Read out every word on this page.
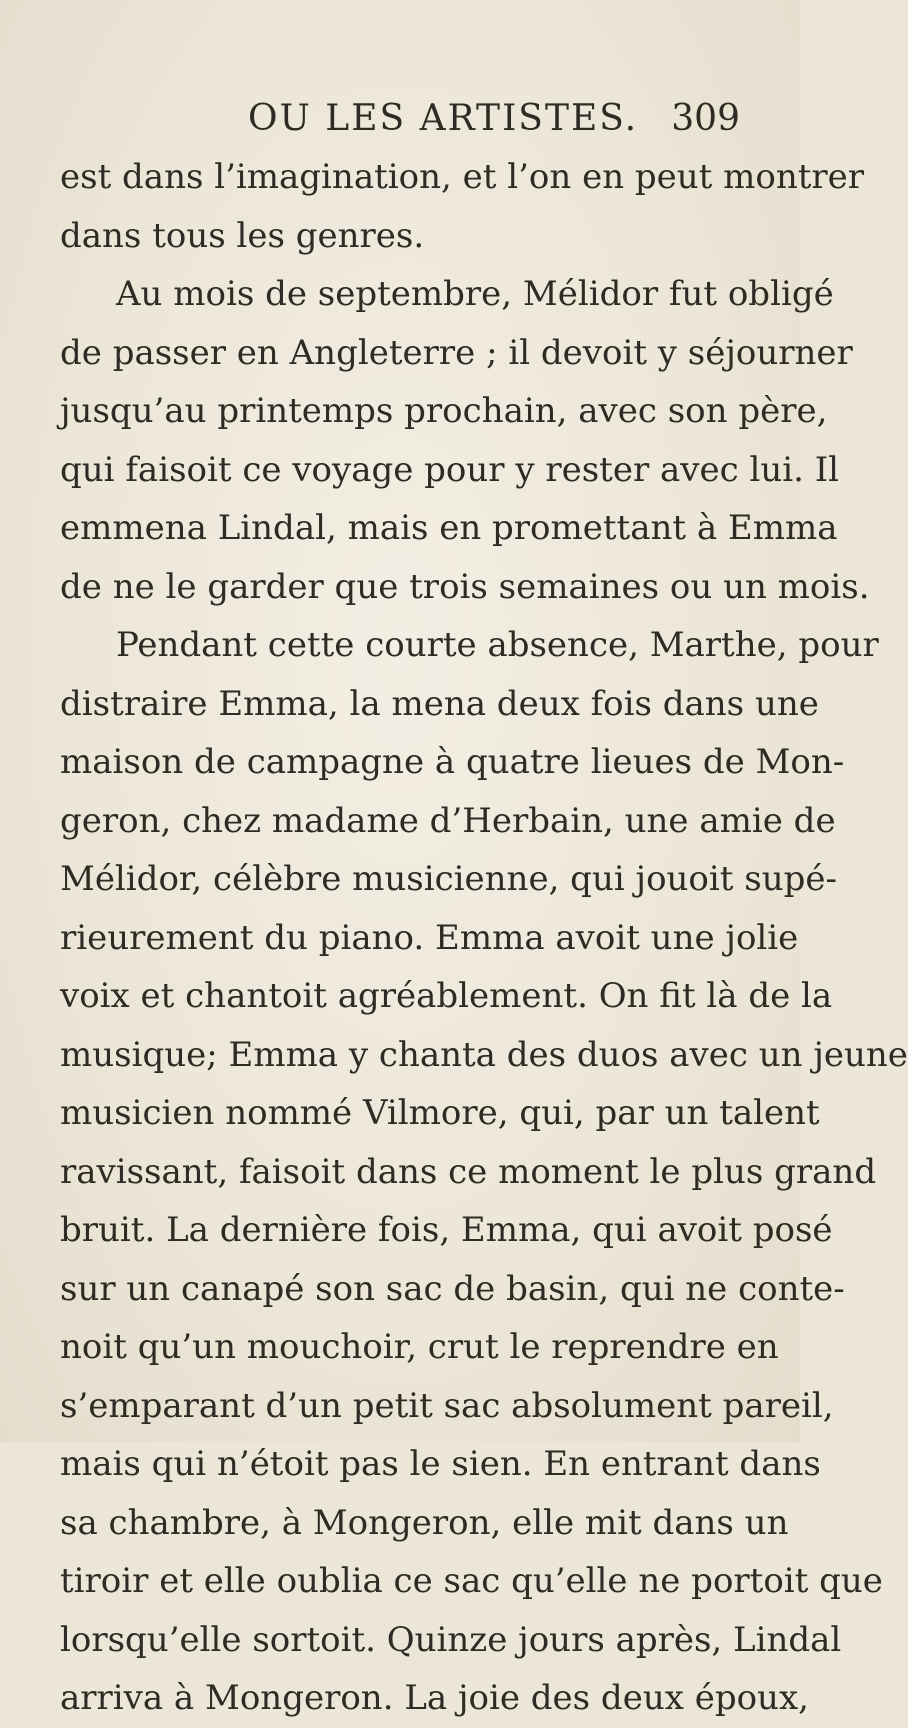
OU LES ARTISTES. 309
est dans l’imagination, et l’on en peut montrer
dans tous les genres.
Au mois de septembre, Mélidor fut obligé
de passer en Angleterre ; il devoit y séjourner
jusqu’au printemps prochain, avec son père,
qui faisoit ce voyage pour y rester avec lui. Il
emmena Lindal, mais en promettant à Emma
de ne le garder que trois semaines ou un mois.
Pendant cette courte absence, Marthe, pour
distraire Emma, la mena deux fois dans une
maison de campagne à quatre lieues de Mon-
geron, chez madame d’Herbain, une amie de
Mélidor, célèbre musicienne, qui jouoit supé-
rieurement du piano. Emma avoit une jolie
voix et chantoit agréablement. On fit là de la
musique; Emma y chanta des duos avec un jeune
musicien nommé Vilmore, qui, par un talent
ravissant, faisoit dans ce moment le plus grand
bruit. La dernière fois, Emma, qui avoit posé
sur un canapé son sac de basin, qui ne conte-
noit qu’un mouchoir, crut le reprendre en
s’emparant d’un petit sac absolument pareil,
mais qui n’étoit pas le sien. En entrant dans
sa chambre, à Mongeron, elle mit dans un
tiroir et elle oublia ce sac qu’elle ne portoit que
lorsqu’elle sortoit. Quinze jours après, Lindal
arriva à Mongeron. La joie des deux époux,
